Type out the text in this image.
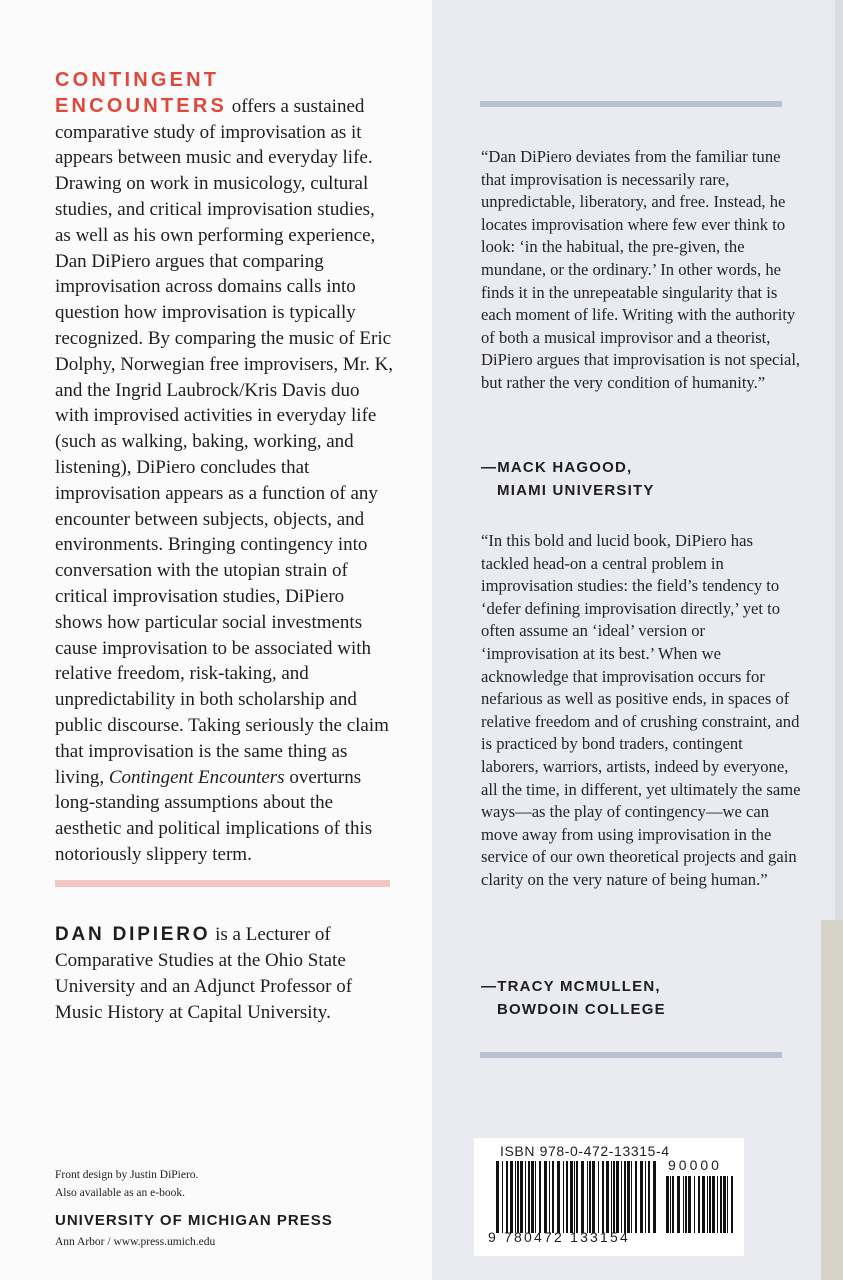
CONTINGENT ENCOUNTERS offers a sustained comparative study of improvisation as it appears between music and everyday life. Drawing on work in musicology, cultural studies, and critical improvisation studies, as well as his own performing experience, Dan DiPiero argues that comparing improvisation across domains calls into question how improvisation is typically recognized. By comparing the music of Eric Dolphy, Norwegian free improvisers, Mr. K, and the Ingrid Laubrock/Kris Davis duo with improvised activities in everyday life (such as walking, baking, working, and listening), DiPiero concludes that improvisation appears as a function of any encounter between subjects, objects, and environments. Bringing contingency into conversation with the utopian strain of critical improvisation studies, DiPiero shows how particular social investments cause improvisation to be associated with relative freedom, risk-taking, and unpredictability in both scholarship and public discourse. Taking seriously the claim that improvisation is the same thing as living, Contingent Encounters overturns long-standing assumptions about the aesthetic and political implications of this notoriously slippery term.

DAN DIPIERO is a Lecturer of Comparative Studies at the Ohio State University and an Adjunct Professor of Music History at Capital University.

Front design by Justin DiPiero.
Also available as an e-book.
UNIVERSITY OF MICHIGAN PRESS
Ann Arbor / www.press.umich.edu

“Dan DiPiero deviates from the familiar tune that improvisation is necessarily rare, unpredictable, liberatory, and free. Instead, he locates improvisation where few ever think to look: ‘in the habitual, the pre-given, the mundane, or the ordinary.’ In other words, he finds it in the unrepeatable singularity that is each moment of life. Writing with the authority of both a musical improvisor and a theorist, DiPiero argues that improvisation is not special, but rather the very condition of humanity.”

—MACK HAGOOD,
MIAMI UNIVERSITY

“In this bold and lucid book, DiPiero has tackled head-on a central problem in improvisation studies: the field’s tendency to ‘defer defining improvisation directly,’ yet to often assume an ‘ideal’ version or ‘improvisation at its best.’ When we acknowledge that improvisation occurs for nefarious as well as positive ends, in spaces of relative freedom and of crushing constraint, and is practiced by bond traders, contingent laborers, warriors, artists, indeed by everyone, all the time, in different, yet ultimately the same ways—as the play of contingency—we can move away from using improvisation in the service of our own theoretical projects and gain clarity on the very nature of being human.”

—TRACY MCMULLEN,
BOWDOIN COLLEGE
ISBN 978-0-472-13315-4
90000
9 780472 133154
